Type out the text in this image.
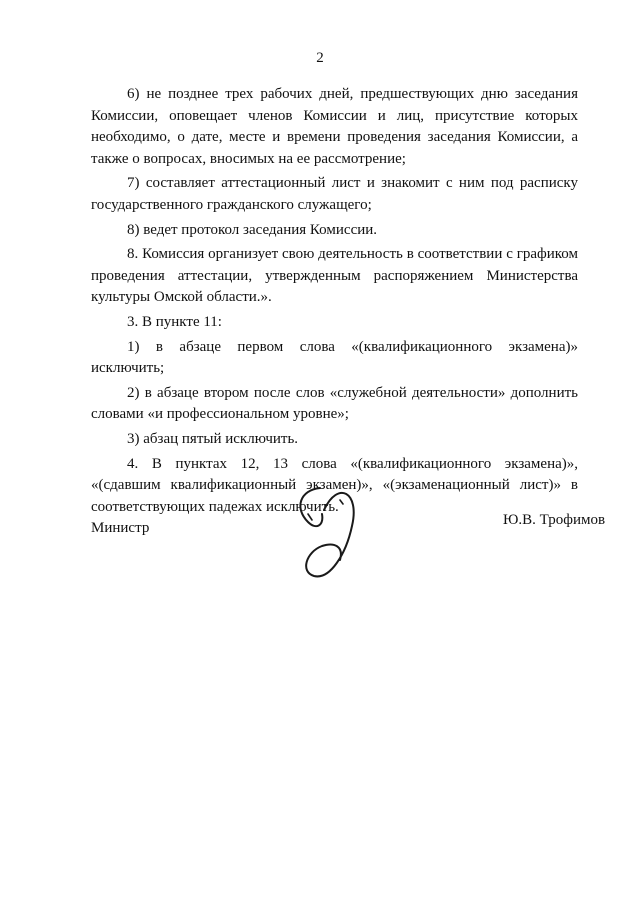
2

6) не позднее трех рабочих дней, предшествующих дню заседания Комиссии, оповещает членов Комиссии и лиц, присутствие которых необходимо, о дате, месте и времени проведения заседания Комиссии, а также о вопросах, вносимых на ее рассмотрение;

7) составляет аттестационный лист и знакомит с ним под расписку государственного гражданского служащего;

8) ведет протокол заседания Комиссии.

8. Комиссия организует свою деятельность в соответствии с графиком проведения аттестации, утвержденным распоряжением Министерства культуры Омской области.».

3. В пункте 11:

1) в абзаце первом слова «(квалификационного экзамена)» исключить;

2) в абзаце втором после слов «служебной деятельности» дополнить словами «и профессиональном уровне»;

3) абзац пятый исключить.

4. В пунктах 12, 13 слова «(квалификационного экзамена)», «(сдавшим квалификационный экзамен)», «(экзаменационный лист)» в соответствующих падежах исключить.

Министр	Ю.В. Трофимов
